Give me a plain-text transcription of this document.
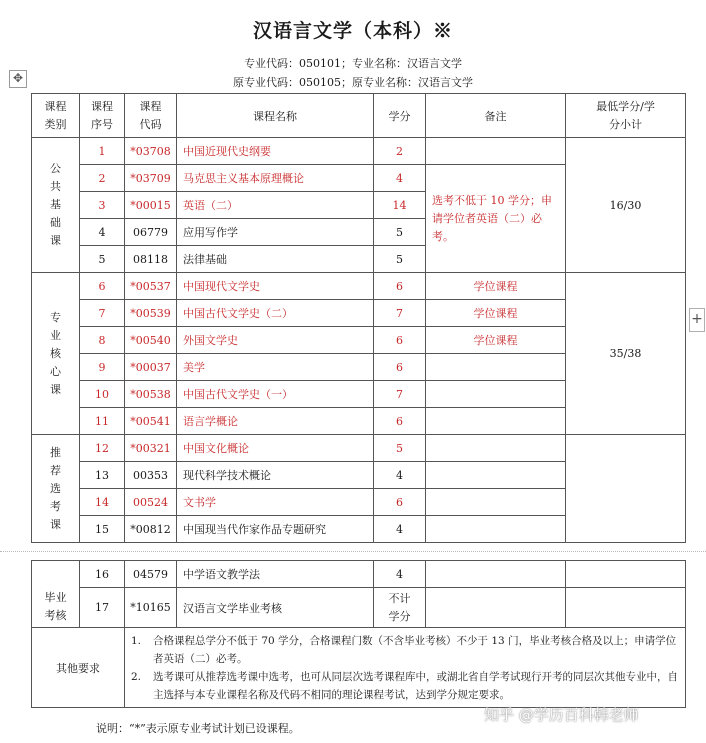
汉语言文学（本科）※
专业代码：050101；专业名称：汉语言文学
原专业代码：050105；原专业名称：汉语言文学
✥
+
课程类别	课程序号	课程代码	课程名称	学分	备注	最低学分/学分小计

公共基础课	1	*03708	中国近现代史纲要	2		16/30
	2	*03709	马克思主义基本原理概论	4	选考不低于 10 学分；申请学位者英语（二）必考。	
	3	*00015	英语（二）	14		
	4	06779	应用写作学	5		
	5	08118	法律基础	5		

专业核心课	6	*00537	中国现代文学史	6	学位课程	35/38
	7	*00539	中国古代文学史（二）	7	学位课程	
	8	*00540	外国文学史	6	学位课程	
	9	*00037	美学	6		
	10	*00538	中国古代文学史（一）	7		
	11	*00541	语言学概论	6		

推荐选考课	12	*00321	中国文化概论	5		
	13	00353	现代科学技术概论	4		
	14	00524	文书学	6		
	15	*00812	中国现当代作家作品专题研究	4		
	16	04579	中学语文教学法	4		

毕业考核	17	*10165	汉语言文学毕业考核	不计学分		

其他要求		1. 合格课程总学分不低于 70 学分，合格课程门数（不含毕业考核）不少于 13 门，毕业考核合格及以上；申请学位者英语（二）必考。
2. 选考课可从推荐选考课中选考，也可从同层次选考课程库中，或湖北省自学考试现行开考的同层次其他专业中，自主选择与本专业课程名称及代码不相同的理论课程考试，达到学分规定要求。				
说明：“*”表示原专业考试计划已设课程。
知乎 @学历百科韩老师
